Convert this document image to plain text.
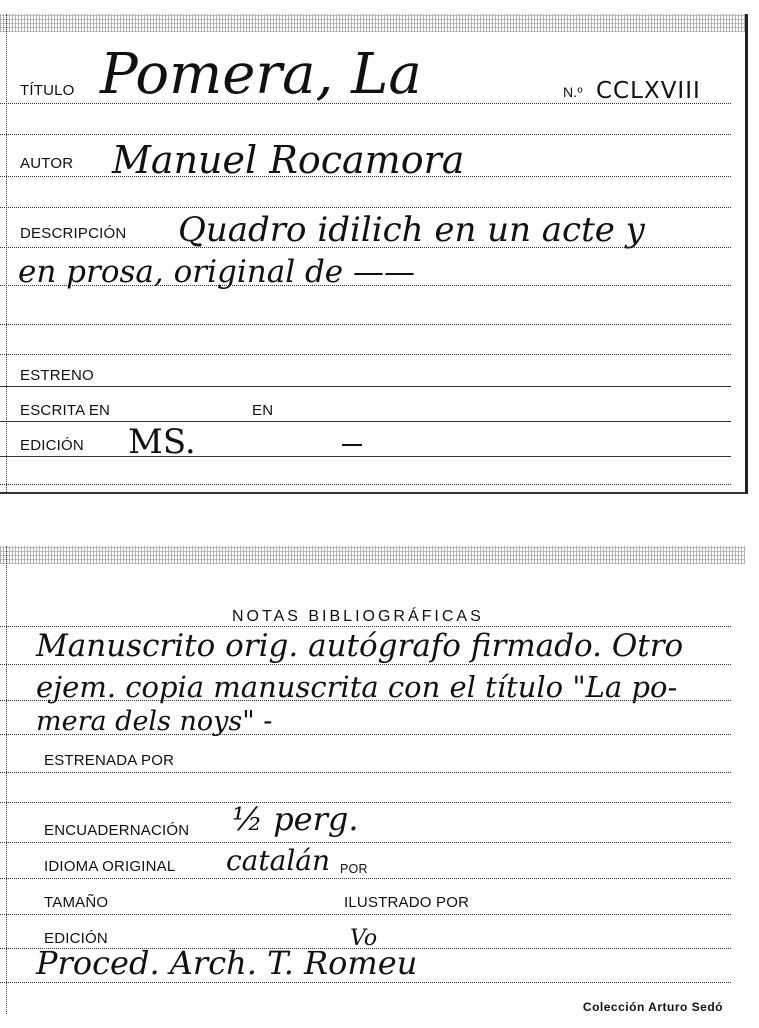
TÍTULO Pomera, La	N.º CCLXVIII
AUTOR Manuel Rocamora
DESCRIPCIÓN Quadro idilich en un acte y
en prosa, original de ——
ESTRENO
ESCRITA EN	EN
EDICIÓN MS.
NOTAS BIBLIOGRÁFICAS
Manuscrito orig. autógrafo firmado. Otro
ejem. copia manuscrita con el título "La po-
mera dels noys" -
ESTRENADA POR
ENCUADERNACIÓN ½ perg.
IDIOMA ORIGINAL catalán POR
TAMAÑO	ILUSTRADO POR
EDICIÓN	Vo
Proced. Arch. T. Romeu
Colección Arturo Sedó
